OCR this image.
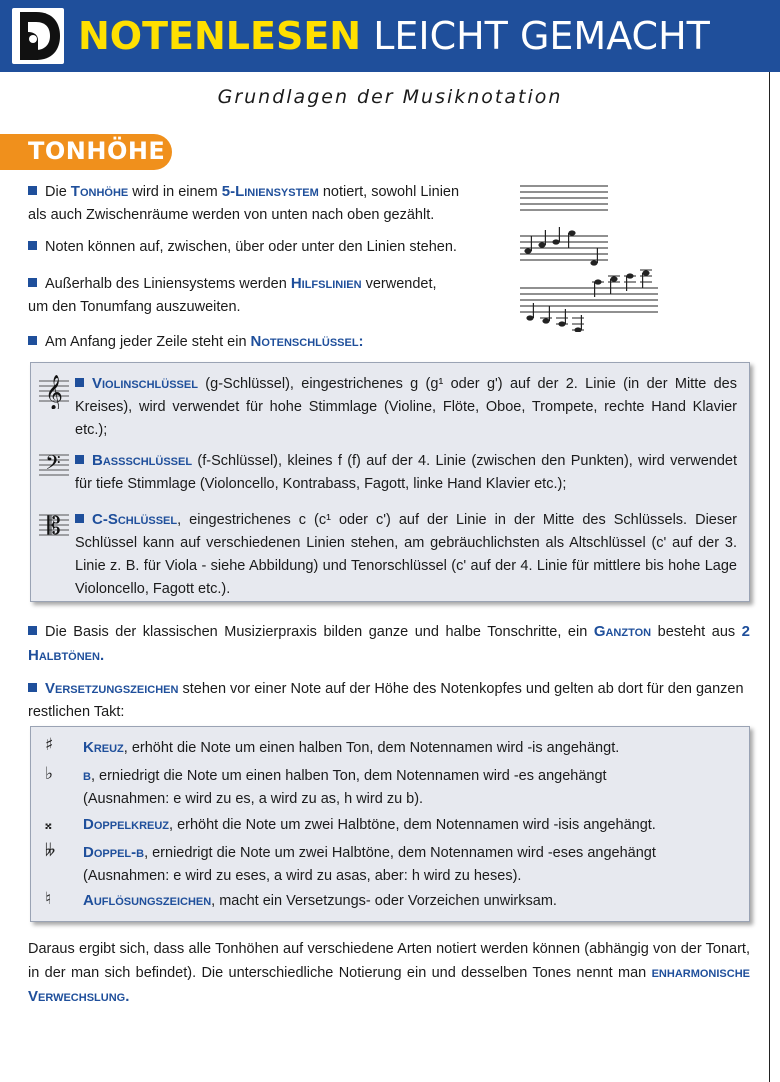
NOTENLESEN LEICHT GEMACHT
Grundlagen der Musiknotation
TONHÖHE
Die Tonhöhe wird in einem 5-Liniensystem notiert, sowohl Linien
als auch Zwischenräume werden von unten nach oben gezählt.
Noten können auf, zwischen, über oder unter den Linien stehen.
Außerhalb des Liniensystems werden Hilfslinien verwendet,
um den Tonumfang auszuweiten.
Am Anfang jeder Zeile steht ein Notenschlüssel:
𝄞	Violinschlüssel (g-Schlüssel), eingestrichenes g (g¹ oder g') auf der 2. Linie (in der Mitte des Kreises), wird verwendet für hohe Stimmlage (Violine, Flöte, Oboe, Trompete, rechte Hand Klavier etc.);
𝄢	Bassschlüssel (f-Schlüssel), kleines f (f) auf der 4. Linie (zwischen den Punkten), wird verwendet für tiefe Stimmlage (Violoncello, Kontrabass, Fagott, linke Hand Klavier etc.);
𝄡	C-Schlüssel, eingestrichenes c (c¹ oder c') auf der Linie in der Mitte des Schlüssels. Dieser Schlüssel kann auf verschiedenen Linien stehen, am gebräuchlichsten als Altschlüssel (c' auf der 3. Linie z. B. für Viola - siehe Abbildung) und Tenorschlüssel (c' auf der 4. Linie für mittlere bis hohe Lage Violoncello, Fagott etc.).
Die Basis der klassischen Musizierpraxis bilden ganze und halbe Tonschritte, ein Ganzton besteht aus 2 Halbtönen.
Versetzungszeichen stehen vor einer Note auf der Höhe des Notenkopfes und gelten ab dort für den ganzen restlichen Takt:
♯ Kreuz, erhöht die Note um einen halben Ton, dem Notennamen wird -is angehängt.
♭ b, erniedrigt die Note um einen halben Ton, dem Notennamen wird -es angehängt
(Ausnahmen: e wird zu es, a wird zu as, h wird zu b).
𝄪 Doppelkreuz, erhöht die Note um zwei Halbtöne, dem Notennamen wird -isis angehängt.
𝄫 Doppel-b, erniedrigt die Note um zwei Halbtöne, dem Notennamen wird -eses angehängt
(Ausnahmen: e wird zu eses, a wird zu asas, aber: h wird zu heses).
♮ Auflösungszeichen, macht ein Versetzungs- oder Vorzeichen unwirksam.
Daraus ergibt sich, dass alle Tonhöhen auf verschiedene Arten notiert werden können (abhängig von der Tonart, in der man sich befindet). Die unterschiedliche Notierung ein und desselben Tones nennt man enharmonische Verwechslung.
